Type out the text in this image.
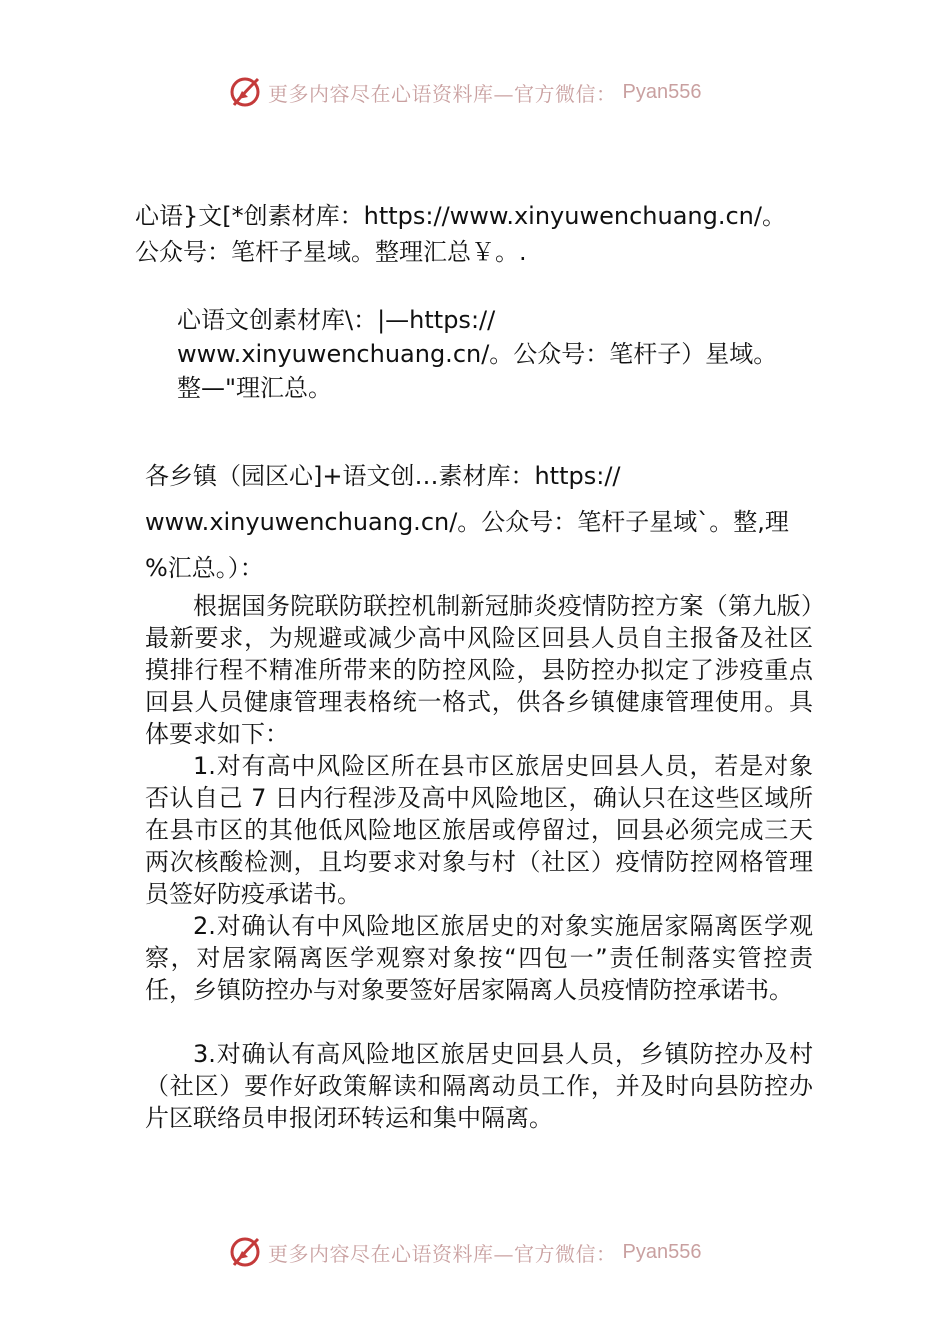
更多内容尽在心语资料库—官方微信： Pyan556
心语}文[*创素材库：https://www.xinyuwenchuang.cn/。
公众号：笔杆子星域。整理汇总￥。.
心语文创素材库\：|—https://
www.xinyuwenchuang.cn/。公众号：笔杆子）星域。
整—"理汇总。
各乡镇（园区心]+语文创…素材库：https://
www.xinyuwenchuang.cn/。公众号：笔杆子星域`。整,理
%汇总。）：
根据国务院联防联控机制新冠肺炎疫情防控方案（第九版）最新要求，为规避或减少高中风险区回县人员自主报备及社区摸排行程不精准所带来的防控风险，县防控办拟定了涉疫重点回县人员健康管理表格统一格式，供各乡镇健康管理使用。具体要求如下：
1.对有高中风险区所在县市区旅居史回县人员，若是对象否认自己 7 日内行程涉及高中风险地区，确认只在这些区域所在县市区的其他低风险地区旅居或停留过，回县必须完成三天两次核酸检测，且均要求对象与村（社区）疫情防控网格管理员签好防疫承诺书。
2.对确认有中风险地区旅居史的对象实施居家隔离医学观察，对居家隔离医学观察对象按“四包一”责任制落实管控责任，乡镇防控办与对象要签好居家隔离人员疫情防控承诺书。
3.对确认有高风险地区旅居史回县人员，乡镇防控办及村（社区）要作好政策解读和隔离动员工作，并及时向县防控办片区联络员申报闭环转运和集中隔离。
更多内容尽在心语资料库—官方微信： Pyan556
